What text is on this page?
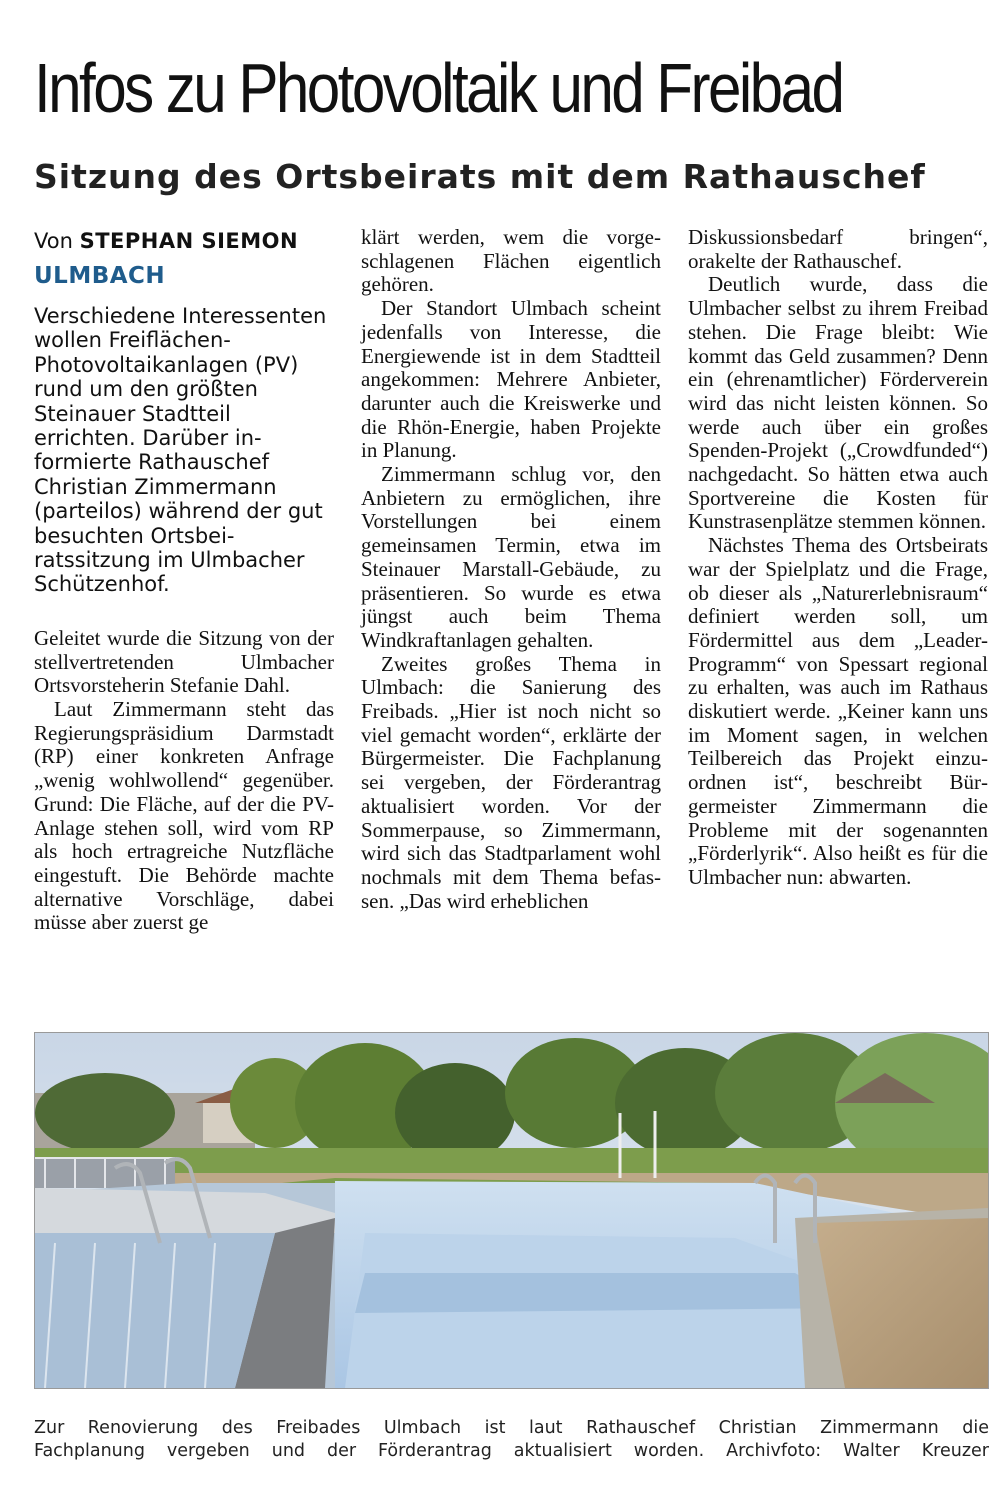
Infos zu Photovoltaik und Freibad
Sitzung des Ortsbeirats mit dem Rathauschef
Von STEPHAN SIEMON
ULMBACH
Verschiedene Interessenten wollen Freiflächen-Photovoltaikanlagen (PV) rund um den größten Steinauer Stadtteil errichten. Darüber informierte Rathauschef Christian Zimmermann (parteilos) während der gut besuchten Ortsbeiratssitzung im Ulmbacher Schützenhof.

Geleitet wurde die Sitzung von der stellvertretenden Ulmbacher Ortsvorsteherin Stefanie Dahl.

Laut Zimmermann steht das Regierungspräsidium Darmstadt (RP) einer konkreten Anfrage „wenig wohlwollend“ gegenüber. Grund: Die Fläche, auf der die PV-Anlage stehen soll, wird vom RP als hoch ertragreiche Nutzfläche eingestuft. Die Behörde machte alternative Vorschläge, dabei müsse aber zuerst ge

klärt werden, wem die vorgeschlagenen Flächen eigentlich gehören.

Der Standort Ulmbach scheint jedenfalls von Interesse, die Energiewende ist in dem Stadtteil angekommen: Mehrere Anbieter, darunter auch die Kreiswerke und die Rhön-Energie, haben Projekte in Planung.

Zimmermann schlug vor, den Anbietern zu ermöglichen, ihre Vorstellungen bei einem gemeinsamen Termin, etwa im Steinauer Marstall-Gebäude, zu präsentieren. So wurde es etwa jüngst auch beim Thema Windkraftanlagen gehalten.

Zweites großes Thema in Ulmbach: die Sanierung des Freibads. „Hier ist noch nicht so viel gemacht worden“, erklärte der Bürgermeister. Die Fachplanung sei vergeben, der Förderantrag aktualisiert worden. Vor der Sommerpause, so Zimmermann, wird sich das Stadtparlament wohl nochmals mit dem Thema befassen. „Das wird erheblichen

Diskussionsbedarf bringen“, orakelte der Rathauschef.

Deutlich wurde, dass die Ulmbacher selbst zu ihrem Freibad stehen. Die Frage bleibt: Wie kommt das Geld zusammen? Denn ein (ehrenamtlicher) Förderverein wird das nicht leisten können. So werde auch über ein großes Spenden-Projekt („Crowdfunded“) nachgedacht. So hätten etwa auch Sportvereine die Kosten für Kunstrasenplätze stemmen können.

Nächstes Thema des Ortsbeirats war der Spielplatz und die Frage, ob dieser als „Naturerlebnisraum“ definiert werden soll, um Fördermittel aus dem „Leader-Programm“ von Spessart regional zu erhalten, was auch im Rathaus diskutiert werde. „Keiner kann uns im Moment sagen, in welchen Teilbereich das Projekt einzuordnen ist“, beschreibt Bürgermeister Zimmermann die Probleme mit der sogenannten „Förderlyrik“. Also heißt es für die Ulmbacher nun: abwarten.

Zur Renovierung des Freibades Ulmbach ist laut Rathauschef Christian Zimmermann die
Fachplanung vergeben und der Förderantrag aktualisiert worden. Archivfoto: Walter Kreuzer
